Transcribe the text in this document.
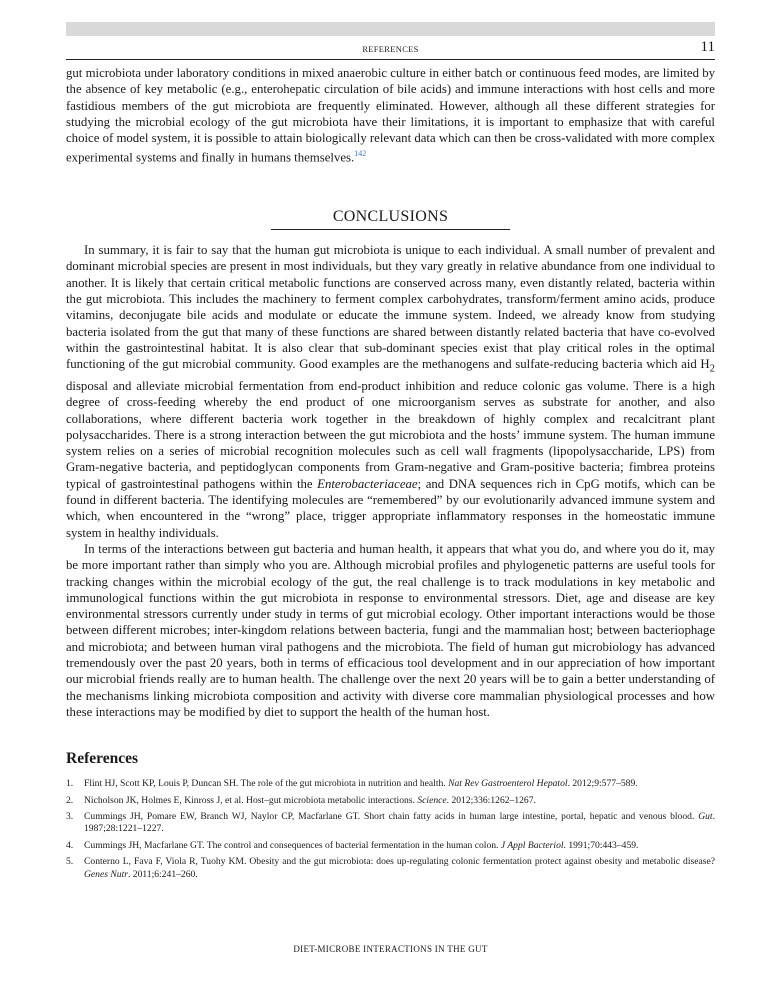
REFERENCES	11

gut microbiota under laboratory conditions in mixed anaerobic culture in either batch or continuous feed modes, are limited by the absence of key metabolic (e.g., enterohepatic circulation of bile acids) and immune interactions with host cells and more fastidious members of the gut microbiota are frequently eliminated. However, although all these different strategies for studying the microbial ecology of the gut microbiota have their limitations, it is important to emphasize that with careful choice of model system, it is possible to attain biologically relevant data which can then be cross-validated with more complex experimental systems and finally in humans themselves.$^{142}$

CONCLUSIONS

In summary, it is fair to say that the human gut microbiota is unique to each individual. A small number of prevalent and dominant microbial species are present in most individuals, but they vary greatly in relative abundance from one individual to another. It is likely that certain critical metabolic functions are conserved across many, even distantly related, bacteria within the gut microbiota. This includes the machinery to ferment complex carbohydrates, transform/ferment amino acids, produce vitamins, deconjugate bile acids and modulate or educate the immune system. Indeed, we already know from studying bacteria isolated from the gut that many of these functions are shared between distantly related bacteria that have co-evolved within the gastrointestinal habitat. It is also clear that sub-dominant species exist that play critical roles in the optimal functioning of the gut microbial community. Good examples are the methanogens and sulfate-reducing bacteria which aid $H_2$ disposal and alleviate microbial fermentation from end-product inhibition and reduce colonic gas volume. There is a high degree of cross-feeding whereby the end product of one microorganism serves as substrate for another, and also collaborations, where different bacteria work together in the breakdown of highly complex and recalcitrant plant polysaccharides. There is a strong interaction between the gut microbiota and the hosts’ immune system. The human immune system relies on a series of microbial recognition molecules such as cell wall fragments (lipopolysaccharide, LPS) from Gram-negative bacteria, and peptidoglycan components from Gram-negative and Gram-positive bacteria; fimbrea proteins typical of gastrointestinal pathogens within the Enterobacteriaceae; and DNA sequences rich in CpG motifs, which can be found in different bacteria. The identifying molecules are “remembered” by our evolutionarily advanced immune system and which, when encountered in the “wrong” place, trigger appropriate inflammatory responses in the homeostatic immune system in healthy individuals.

In terms of the interactions between gut bacteria and human health, it appears that what you do, and where you do it, may be more important rather than simply who you are. Although microbial profiles and phylogenetic patterns are useful tools for tracking changes within the microbial ecology of the gut, the real challenge is to track modulations in key metabolic and immunological functions within the gut microbiota in response to environmental stressors. Diet, age and disease are key environmental stressors currently under study in terms of gut microbial ecology. Other important interactions would be those between different microbes; inter-kingdom relations between bacteria, fungi and the mammalian host; between bacteriophage and microbiota; and between human viral pathogens and the microbiota. The field of human gut microbiology has advanced tremendously over the past 20 years, both in terms of efficacious tool development and in our appreciation of how important our microbial friends really are to human health. The challenge over the next 20 years will be to gain a better understanding of the mechanisms linking microbiota composition and activity with diverse core mammalian physiological processes and how these interactions may be modified by diet to support the health of the human host.

References
1. Flint HJ, Scott KP, Louis P, Duncan SH. The role of the gut microbiota in nutrition and health. Nat Rev Gastroenterol Hepatol. 2012;9:577–589.
2. Nicholson JK, Holmes E, Kinross J, et al. Host–gut microbiota metabolic interactions. Science. 2012;336:1262–1267.
3. Cummings JH, Pomare EW, Branch WJ, Naylor CP, Macfarlane GT. Short chain fatty acids in human large intestine, portal, hepatic and venous blood. Gut. 1987;28:1221–1227.
4. Cummings JH, Macfarlane GT. The control and consequences of bacterial fermentation in the human colon. J Appl Bacteriol. 1991;70:443–459.
5. Conterno L, Fava F, Viola R, Tuohy KM. Obesity and the gut microbiota: does up-regulating colonic fermentation protect against obesity and metabolic disease? Genes Nutr. 2011;6:241–260.
DIET-MICROBE INTERACTIONS IN THE GUT
